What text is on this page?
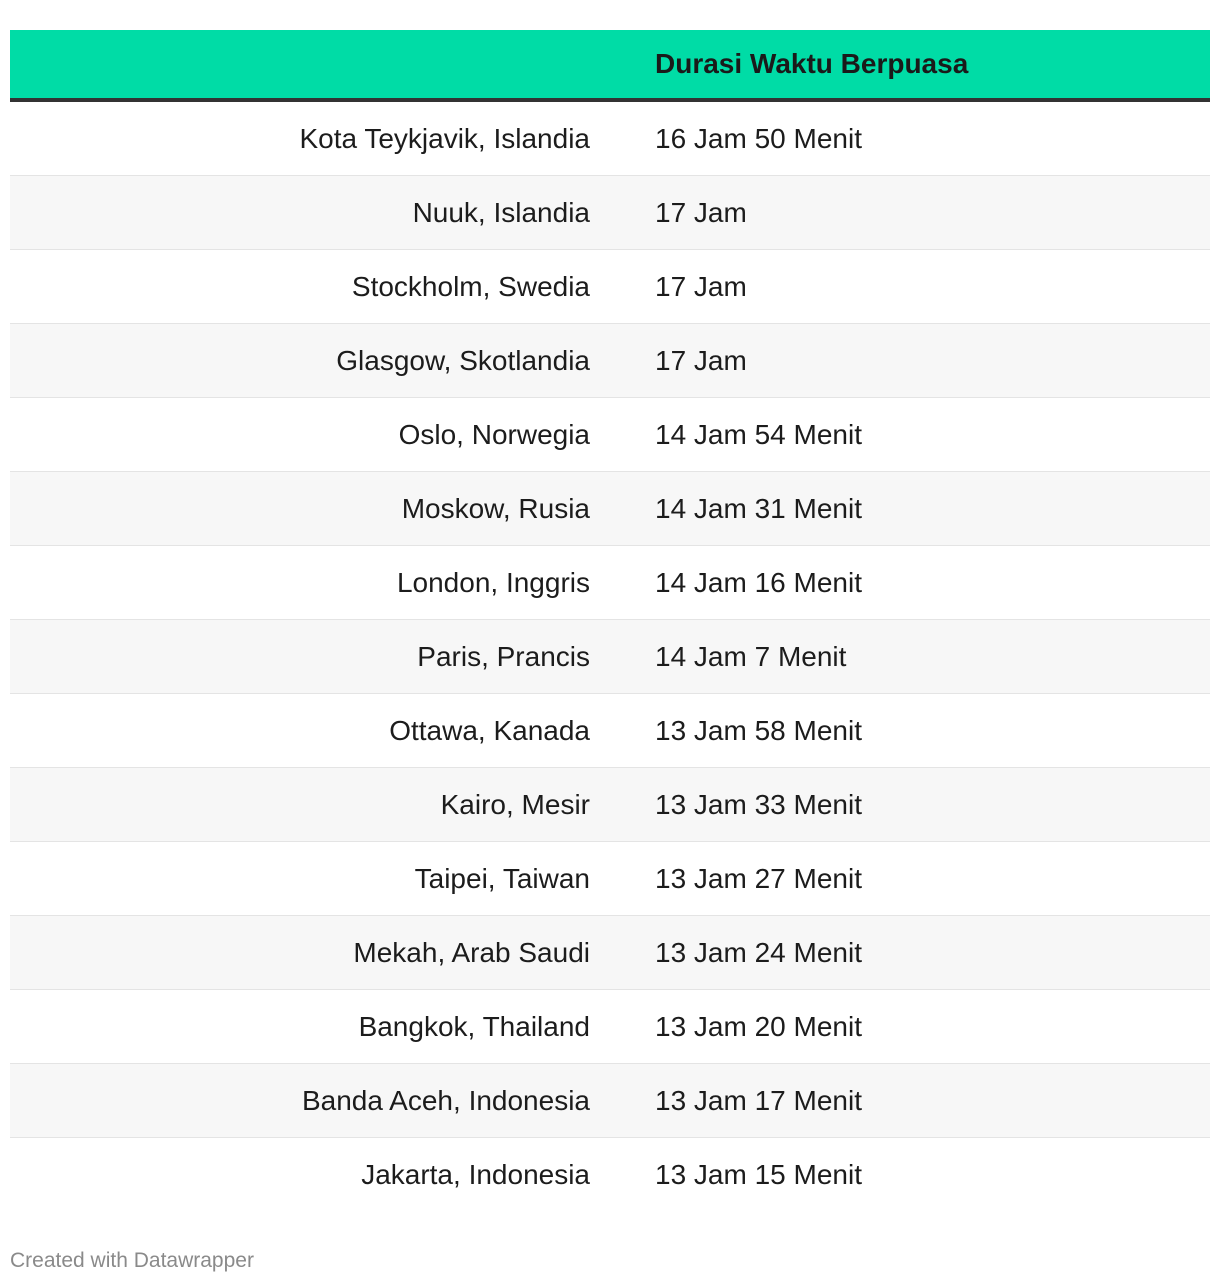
Durasi Waktu Berpuasa
Kota Teykjavik, Islandia 16 Jam 50 Menit
Nuuk, Islandia 17 Jam
Stockholm, Swedia 17 Jam
Glasgow, Skotlandia 17 Jam
Oslo, Norwegia 14 Jam 54 Menit
Moskow, Rusia 14 Jam 31 Menit
London, Inggris 14 Jam 16 Menit
Paris, Prancis 14 Jam 7 Menit
Ottawa, Kanada 13 Jam 58 Menit
Kairo, Mesir 13 Jam 33 Menit
Taipei, Taiwan 13 Jam 27 Menit
Mekah, Arab Saudi 13 Jam 24 Menit
Bangkok, Thailand 13 Jam 20 Menit
Banda Aceh, Indonesia 13 Jam 17 Menit
Jakarta, Indonesia 13 Jam 15 Menit
Created with Datawrapper
